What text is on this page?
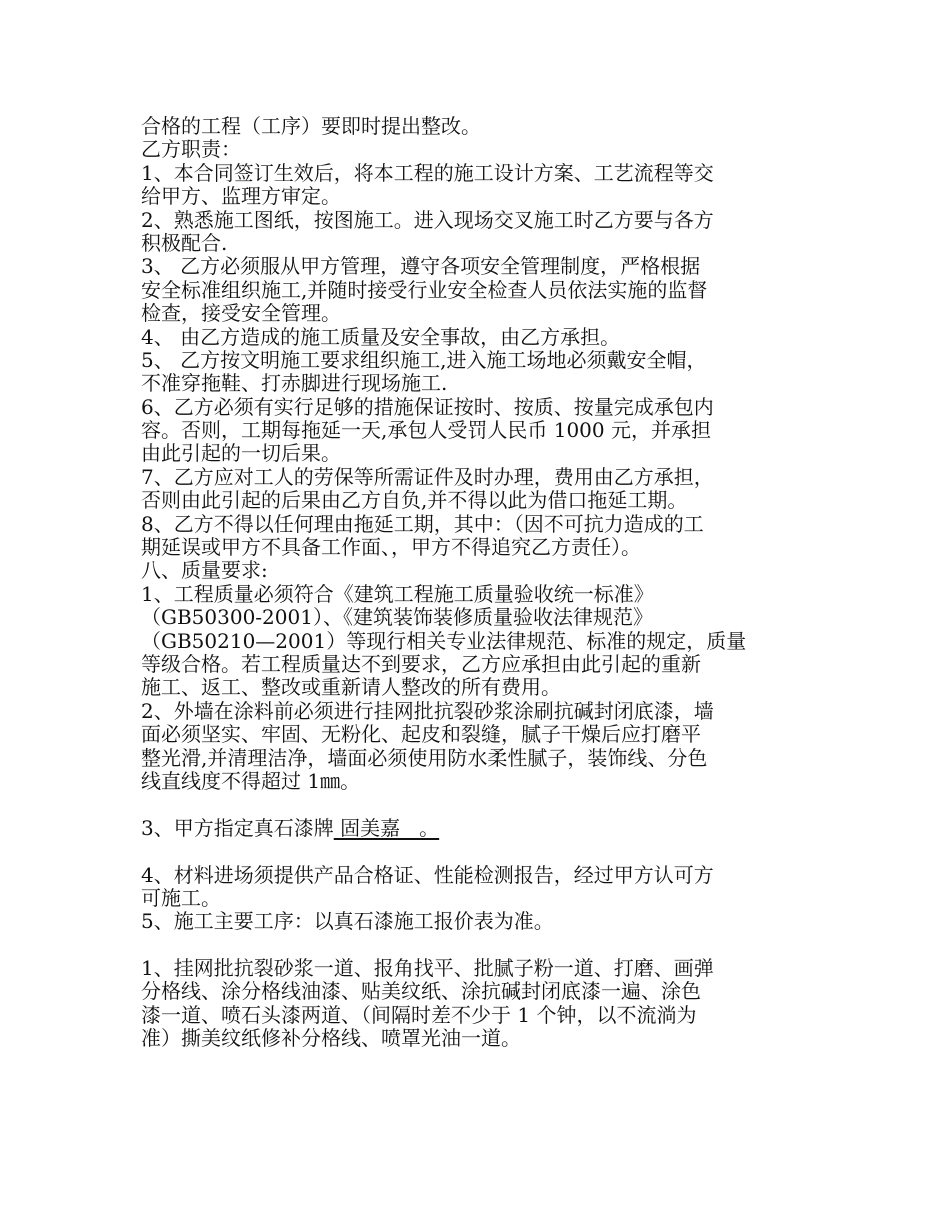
合格的工程（工序）要即时提出整改。
乙方职责：
1、本合同签订生效后，将本工程的施工设计方案、工艺流程等交
给甲方、监理方审定。
2、熟悉施工图纸，按图施工。进入现场交叉施工时乙方要与各方
积极配合.
3、 乙方必须服从甲方管理，遵守各项安全管理制度，严格根据
安全标准组织施工,并随时接受行业安全检查人员依法实施的监督
检查，接受安全管理。
4、 由乙方造成的施工质量及安全事故，由乙方承担。
5、 乙方按文明施工要求组织施工,进入施工场地必须戴安全帽，
不准穿拖鞋、打赤脚进行现场施工.
6、乙方必须有实行足够的措施保证按时、按质、按量完成承包内
容。否则，工期每拖延一天,承包人受罚人民币 1000 元，并承担
由此引起的一切后果。
7、乙方应对工人的劳保等所需证件及时办理，费用由乙方承担，
否则由此引起的后果由乙方自负,并不得以此为借口拖延工期。
8、乙方不得以任何理由拖延工期，其中：（因不可抗力造成的工
期延误或甲方不具备工作面、，甲方不得追究乙方责任）。
八、质量要求:
1、工程质量必须符合《建筑工程施工质量验收统一标准》
（GB50300-2001）、《建筑装饰装修质量验收法律规范》
（GB50210—2001）等现行相关专业法律规范、标准的规定，质量
等级合格。若工程质量达不到要求，乙方应承担由此引起的重新
施工、返工、整改或重新请人整改的所有费用。
2、外墙在涂料前必须进行挂网批抗裂砂浆涂刷抗碱封闭底漆，墙
面必须坚实、牢固、无粉化、起皮和裂缝，腻子干燥后应打磨平
整光滑,并清理洁净，墙面必须使用防水柔性腻子，装饰线、分色
线直线度不得超过 1㎜。
3、甲方指定真石漆牌 固美嘉   。
4、材料进场须提供产品合格证、性能检测报告，经过甲方认可方
可施工。
5、施工主要工序：以真石漆施工报价表为准。
1、挂网批抗裂砂浆一道、报角找平、批腻子粉一道、打磨、画弹
分格线、涂分格线油漆、贴美纹纸、涂抗碱封闭底漆一遍、涂色
漆一道、喷石头漆两道、（间隔时差不少于 1 个钟，以不流淌为
准）撕美纹纸修补分格线、喷罩光油一道。
